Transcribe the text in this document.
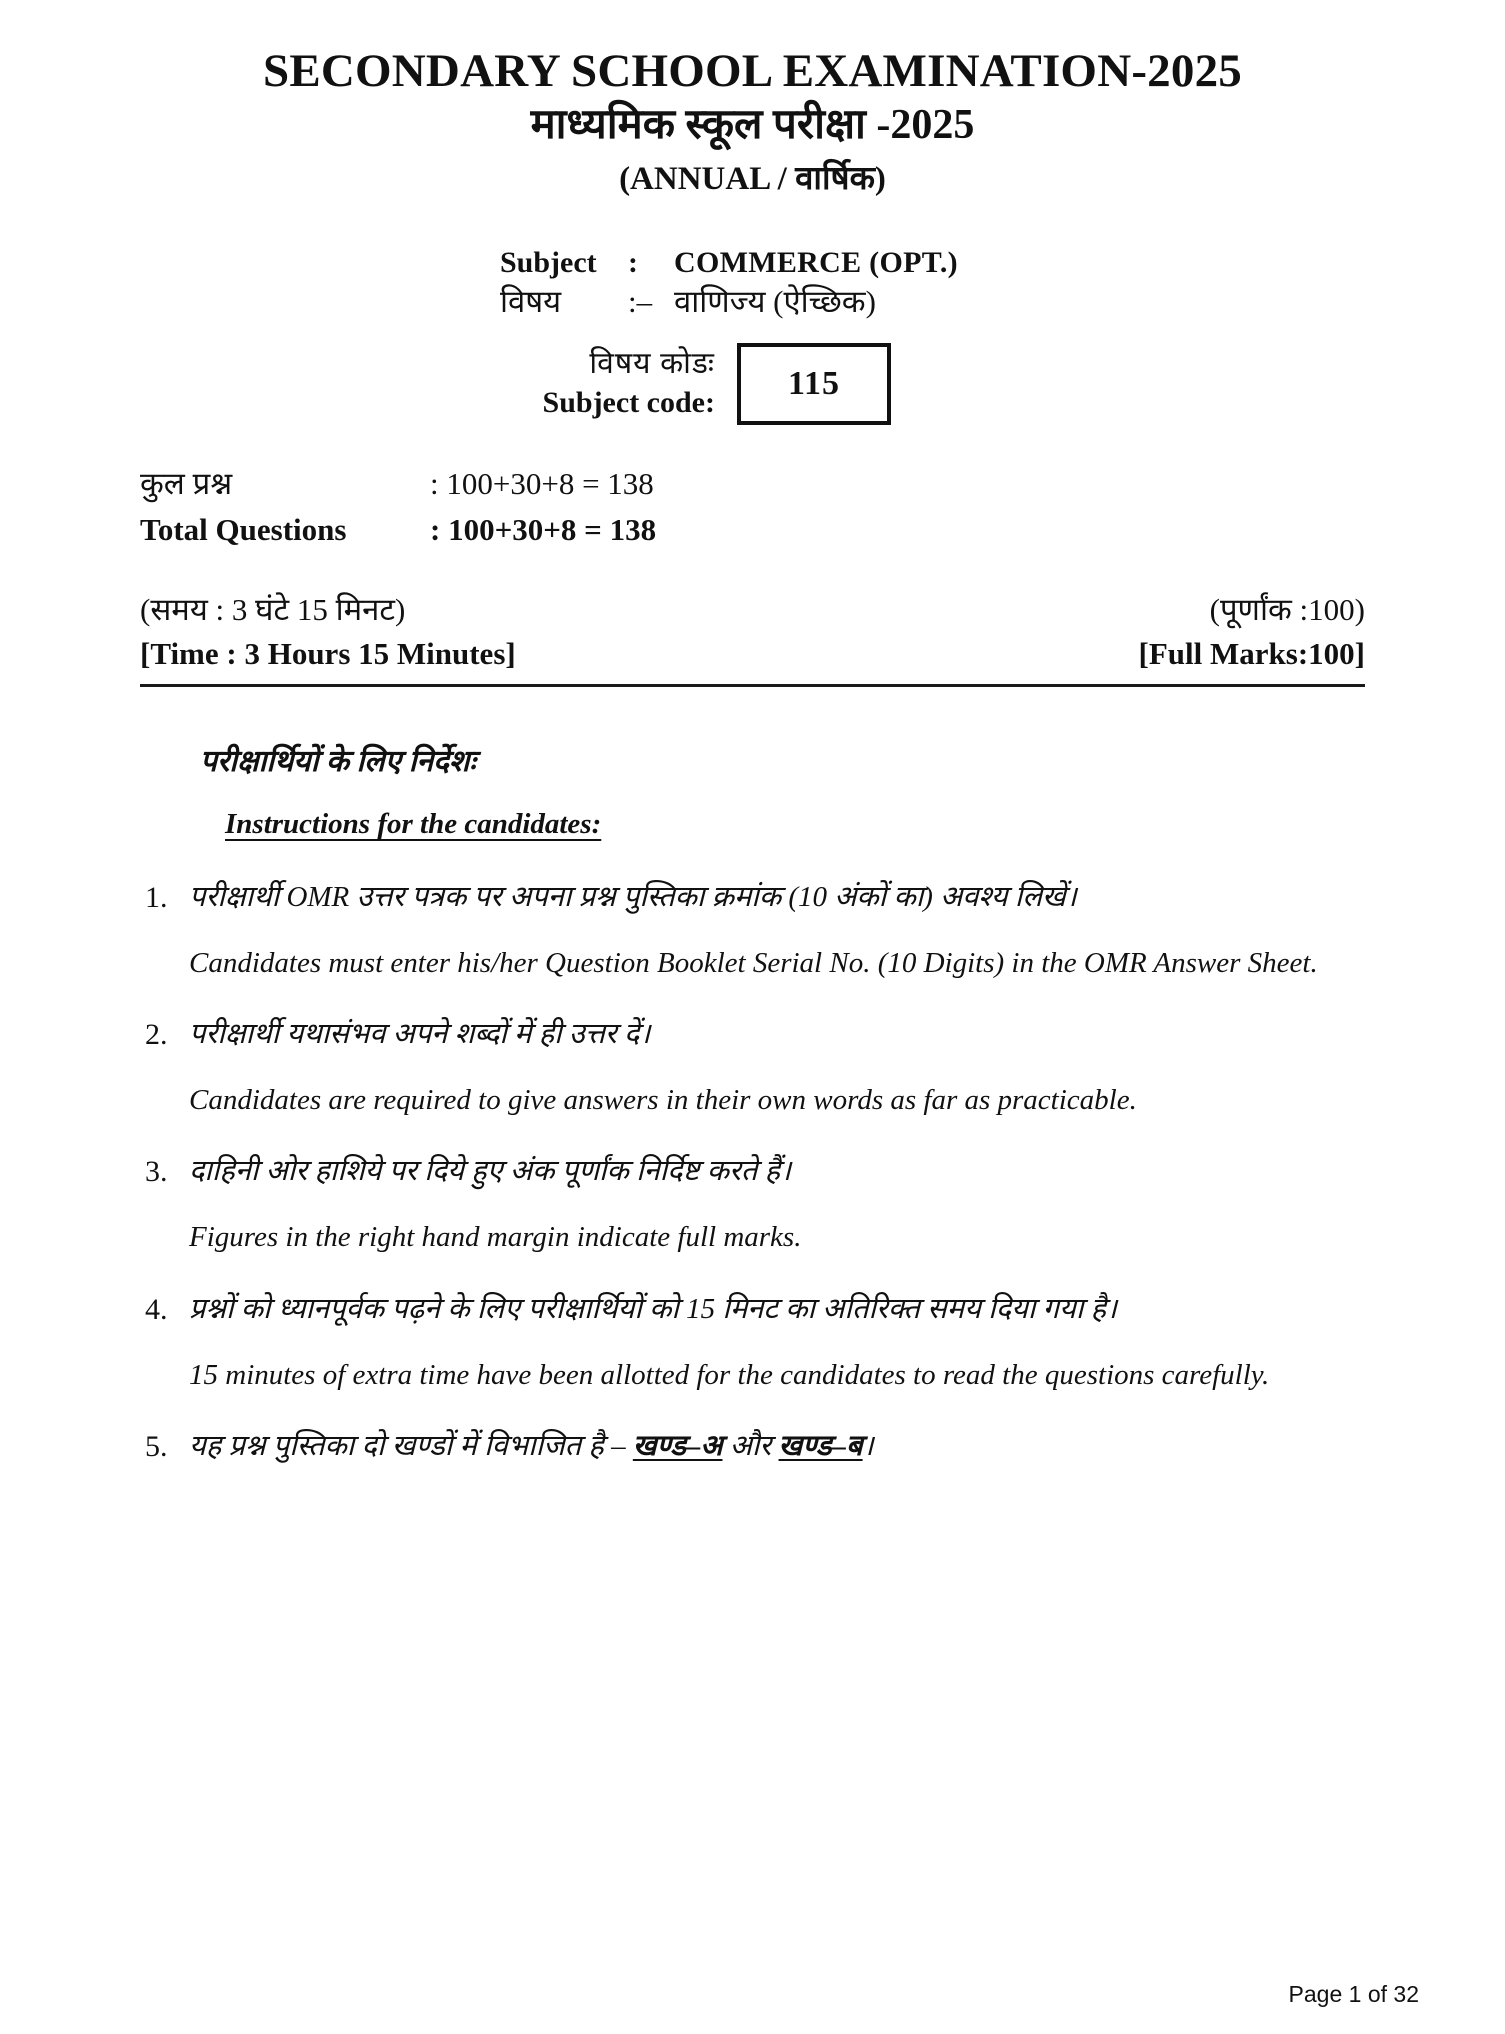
SECONDARY SCHOOL EXAMINATION-2025
माध्यमिक स्कूल परीक्षा -2025
(ANNUAL / वार्षिक)
Subject	:	COMMERCE (OPT.)
विषय	:– वाणिज्य (ऐच्छिक)
विषय कोडः
Subject code:
115
कुल प्रश्न	: 100+30+8 = 138
Total Questions	: 100+30+8 = 138
(समय : 3 घंटे 15 मिनट)	(पूर्णांक :100)
[Time : 3 Hours 15 Minutes]	[Full Marks:100]
परीक्षार्थियों के लिए निर्देशः
Instructions for the candidates:
1. परीक्षार्थी OMR उत्तर पत्रक पर अपना प्रश्न पुस्तिका क्रमांक (10 अंकों का) अवश्य लिखें।
Candidates must enter his/her Question Booklet Serial No. (10 Digits) in the OMR Answer Sheet.
2. परीक्षार्थी यथासंभव अपने शब्दों में ही उत्तर दें।
Candidates are required to give answers in their own words as far as practicable.
3. दाहिनी ओर हाशिये पर दिये हुए अंक पूर्णांक निर्दिष्ट करते हैं।
Figures in the right hand margin indicate full marks.
4. प्रश्नों को ध्यानपूर्वक पढ़ने के लिए परीक्षार्थियों को 15 मिनट का अतिरिक्त समय दिया गया है।
15 minutes of extra time have been allotted for the candidates to read the questions carefully.
5. यह प्रश्न पुस्तिका दो खण्डों में विभाजित है – खण्ड–अ और खण्ड–ब।
Page 1 of 32
